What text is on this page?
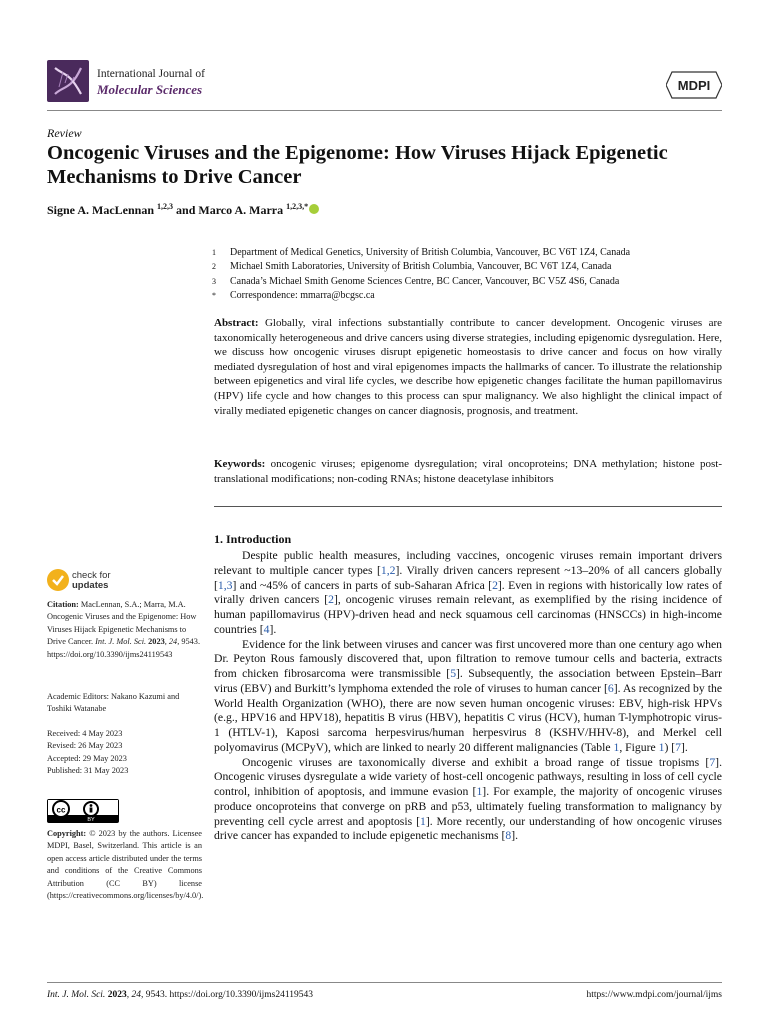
International Journal of
Molecular Sciences	MDPI
Review
Oncogenic Viruses and the Epigenome: How Viruses Hijack Epigenetic Mechanisms to Drive Cancer
Signe A. MacLennan $^{1,2,3}$ and Marco A. Marra $^{1,2,3,*}$
1	Department of Medical Genetics, University of British Columbia, Vancouver, BC V6T 1Z4, Canada
2	Michael Smith Laboratories, University of British Columbia, Vancouver, BC V6T 1Z4, Canada
3	Canada’s Michael Smith Genome Sciences Centre, BC Cancer, Vancouver, BC V5Z 4S6, Canada
*	Correspondence: mmarra@bcgsc.ca
Abstract: Globally, viral infections substantially contribute to cancer development. Oncogenic viruses are taxonomically heterogeneous and drive cancers using diverse strategies, including epigenomic dysregulation. Here, we discuss how oncogenic viruses disrupt epigenetic homeostasis to drive cancer and focus on how virally mediated dysregulation of host and viral epigenomes impacts the hallmarks of cancer. To illustrate the relationship between epigenetics and viral life cycles, we describe how epigenetic changes facilitate the human papillomavirus (HPV) life cycle and how changes to this process can spur malignancy. We also highlight the clinical impact of virally mediated epigenetic changes on cancer diagnosis, prognosis, and treatment.
Keywords: oncogenic viruses; epigenome dysregulation; viral oncoproteins; DNA methylation; histone post-translational modifications; non-coding RNAs; histone deacetylase inhibitors
1. Introduction

Despite public health measures, including vaccines, oncogenic viruses remain important drivers relevant to multiple cancer types [1,2]. Virally driven cancers represent ~13–20% of all cancers globally [1,3] and ~45% of cancers in parts of sub-Saharan Africa [2]. Even in regions with historically low rates of virally driven cancers [2], oncogenic viruses remain relevant, as exemplified by the rising incidence of human papillomavirus (HPV)-driven head and neck squamous cell carcinomas (HNSCCs) in high-income countries [4].

Evidence for the link between viruses and cancer was first uncovered more than one century ago when Dr. Peyton Rous famously discovered that, upon filtration to remove tumour cells and bacteria, extracts from chicken fibrosarcoma were transmissible [5]. Subsequently, the association between Epstein–Barr virus (EBV) and Burkitt’s lymphoma extended the role of viruses to human cancer [6]. As recognized by the World Health Organization (WHO), there are now seven human oncogenic viruses: EBV, high-risk HPVs (e.g., HPV16 and HPV18), hepatitis B virus (HBV), hepatitis C virus (HCV), human T-lymphotropic virus-1 (HTLV-1), Kaposi sarcoma herpesvirus/human herpesvirus 8 (KSHV/HHV-8), and Merkel cell polyomavirus (MCPyV), which are linked to nearly 20 different malignancies (Table 1, Figure 1) [7].

Oncogenic viruses are taxonomically diverse and exhibit a broad range of tissue tropisms [7]. Oncogenic viruses dysregulate a wide variety of host-cell oncogenic pathways, resulting in loss of cell cycle control, inhibition of apoptosis, and immune evasion [1]. For example, the majority of oncogenic viruses produce oncoproteins that converge on pRB and p53, ultimately fueling transformation to malignancy by preventing cell cycle arrest and apoptosis [1]. More recently, our understanding of how oncogenic viruses drive cancer has expanded to include epigenetic mechanisms [8].

check for
updates
Citation: MacLennan, S.A.; Marra, M.A. Oncogenic Viruses and the Epigenome: How Viruses Hijack Epigenetic Mechanisms to Drive Cancer. Int. J. Mol. Sci. 2023, 24, 9543. https://doi.org/10.3390/ijms24119543
Academic Editors: Nakano Kazumi and Toshiki Watanabe
Received: 4 May 2023
Revised: 26 May 2023
Accepted: 29 May 2023
Published: 31 May 2023
cc
BY
Copyright: © 2023 by the authors. Licensee MDPI, Basel, Switzerland. This article is an open access article distributed under the terms and conditions of the Creative Commons Attribution (CC BY) license (https://creativecommons.org/licenses/by/4.0/).
Int. J. Mol. Sci. 2023, 24, 9543. https://doi.org/10.3390/ijms24119543	https://www.mdpi.com/journal/ijms
